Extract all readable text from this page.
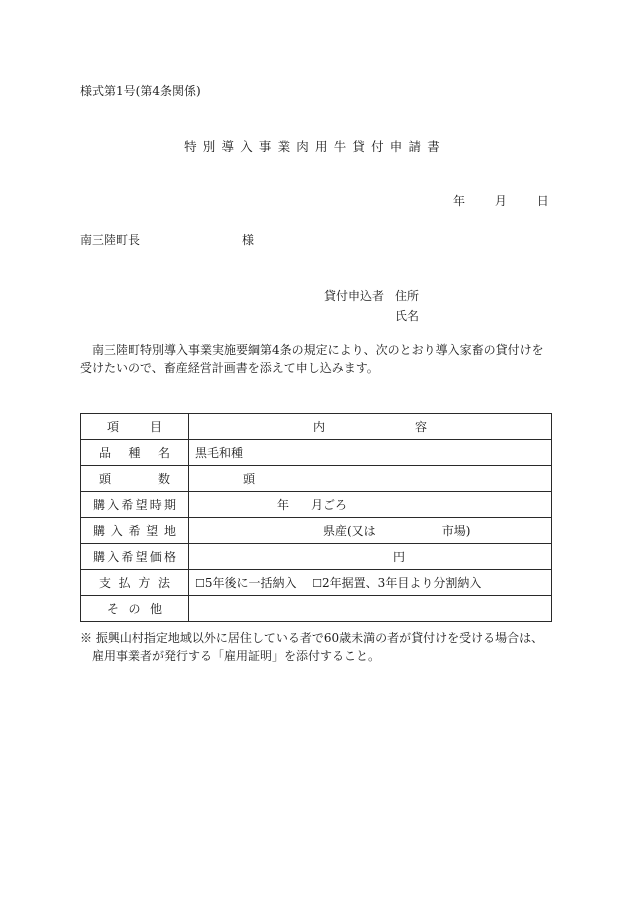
様式第1号(第4条関係)
特別導入事業肉用牛貸付申請書
年 月 日
南三陸町長	様
貸付申込者 住所
氏名
南三陸町特別導入事業実施要綱第4条の規定により、次のとおり導入家畜の貸付けを受けたいので、畜産経営計画書を添えて申し込みます。
項目	内 容
品種名	黒毛和種
頭数	頭
購入希望時期	年 月ごろ
購入希望地	県産(又は 市場)
購入希望価格	円
支払方法	☐5年後に一括納入 ☐2年据置、3年目より分割納入
その他	
※ 振興山村指定地域以外に居住している者で60歳未満の者が貸付けを受ける場合は、雇用事業者が発行する「雇用証明」を添付すること。
